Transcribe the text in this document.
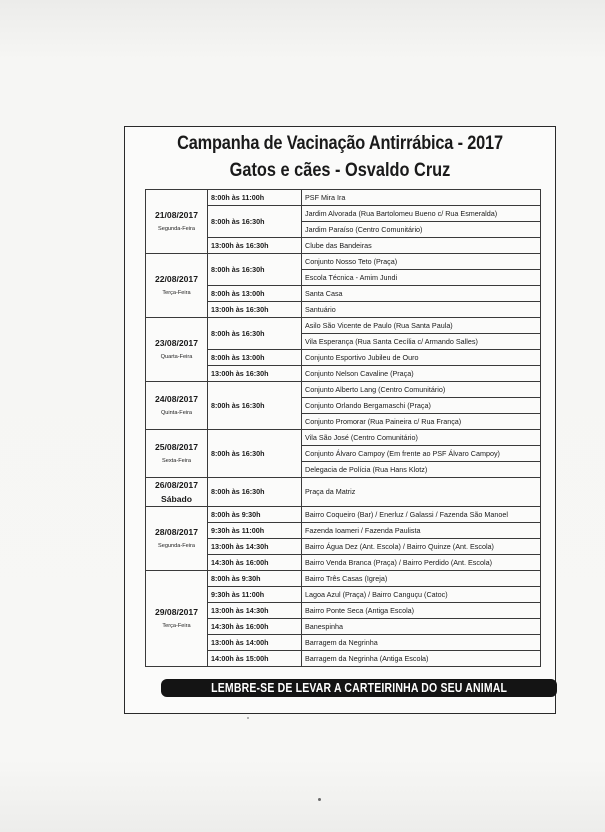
Campanha de Vacinação Antirrábica - 2017
Gatos e cães - Osvaldo Cruz
21/08/2017
Segunda-Feira	8:00h às 11:00h	PSF Mira Ira
	8:00h às 16:30h	Jardim Alvorada (Rua Bartolomeu Bueno c/ Rua Esmeralda)
		Jardim Paraíso (Centro Comunitário)
	13:00h às 16:30h	Clube das Bandeiras

22/08/2017
Terça-Feira	8:00h às 16:30h	Conjunto Nosso Teto (Praça)
		Escola Técnica - Amim Jundi
	8:00h às 13:00h	Santa Casa
	13:00h às 16:30h	Santuário

23/08/2017
Quarta-Feira	8:00h às 16:30h	Asilo São Vicente de Paulo (Rua Santa Paula)
		Vila Esperança (Rua Santa Cecília c/ Armando Salles)
	8:00h às 13:00h	Conjunto Esportivo Jubileu de Ouro
	13:00h às 16:30h	Conjunto Nelson Cavaline (Praça)

24/08/2017
Quinta-Feira	8:00h às 16:30h	Conjunto Alberto Lang (Centro Comunitário)
		Conjunto Orlando Bergamaschi (Praça)
		Conjunto Promorar (Rua Paineira c/ Rua França)

25/08/2017
Sexta-Feira	8:00h às 16:30h	Vila São José (Centro Comunitário)
		Conjunto Álvaro Campoy (Em frente ao PSF Álvaro Campoy)
		Delegacia de Polícia (Rua Hans Klotz)

26/08/2017
Sábado	8:00h às 16:30h	Praça da Matriz

28/08/2017
Segunda-Feira	8:00h às 9:30h	Bairro Coqueiro (Bar) / Enerluz / Galassi / Fazenda São Manoel
	9:30h às 11:00h	Fazenda Ioameri / Fazenda Paulista
	13:00h às 14:30h	Bairro Água Dez (Ant. Escola) / Bairro Quinze (Ant. Escola)
	14:30h às 16:00h	Bairro Venda Branca (Praça) / Bairro Perdido (Ant. Escola)

29/08/2017
Terça-Feira	8:00h às 9:30h	Bairro Três Casas (Igreja)
	9:30h às 11:00h	Lagoa Azul (Praça) / Bairro Canguçu (Catoc)
	13:00h às 14:30h	Bairro Ponte Seca (Antiga Escola)
	14:30h às 16:00h	Banespinha
	13:00h às 14:00h	Barragem da Negrinha
	14:00h às 15:00h	Barragem da Negrinha (Antiga Escola)
LEMBRE-SE DE LEVAR A CARTEIRINHA DO SEU ANIMAL
